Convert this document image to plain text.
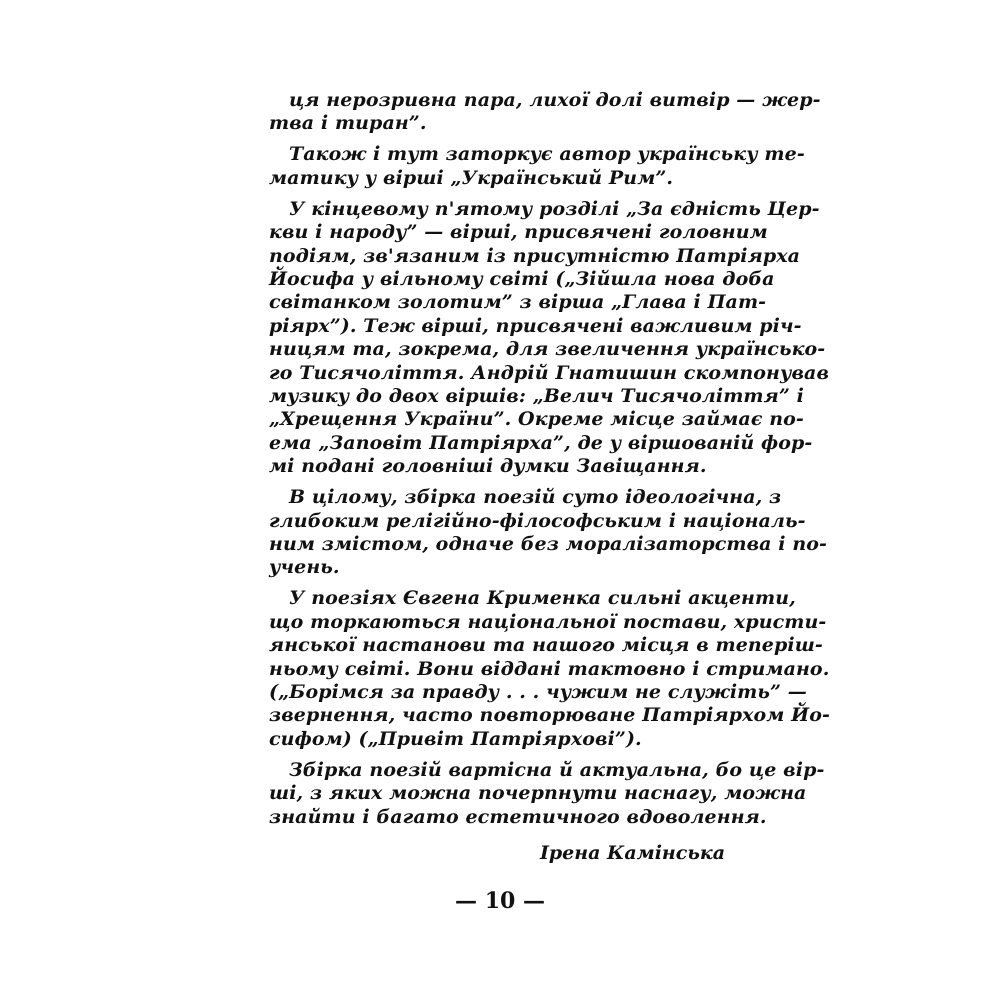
ця нерозривна пара, лихої долі витвір — жер-
тва і тиран”.
Також і тут заторкує автор українську те-
матику у вірші „Український Рим”.
У кінцевому п'ятому розділі „За єдність Цер-
кви і народу” — вірші, присвячені головним
подіям, зв'язаним із присутністю Патріярха
Йосифа у вільному світі („Зійшла нова доба
світанком золотим” з вірша „Глава і Пат-
ріярх”). Теж вірші, присвячені важливим річ-
ницям та, зокрема, для звеличення українсько-
го Тисячоліття. Андрій Гнатишин скомпонував
музику до двох віршів: „Велич Тисячоліття” і
„Хрещення України”. Окреме місце займає по-
ема „Заповіт Патріярха”, де у віршованій фор-
мі подані головніші думки Завіщання.
В цілому, збірка поезій суто ідеологічна, з
глибоким релігійно-філософським і національ-
ним змістом, одначе без моралізаторства і по-
учень.
У поезіях Євгена Крименка сильні акценти,
що торкаються національної постави, христи-
янської настанови та нашого місця в теперіш-
ньому світі. Вони віддані тактовно і стримано.
(„Борімся за правду . . . чужим не служіть” —
звернення, часто повторюване Патріярхом Йо-
сифом) („Привіт Патріярхові”).
Збірка поезій вартісна й актуальна, бо це вір-
ші, з яких можна почерпнути наснагу, можна
знайти і багато естетичного вдоволення.
Ірена Камінська
— 10 —
